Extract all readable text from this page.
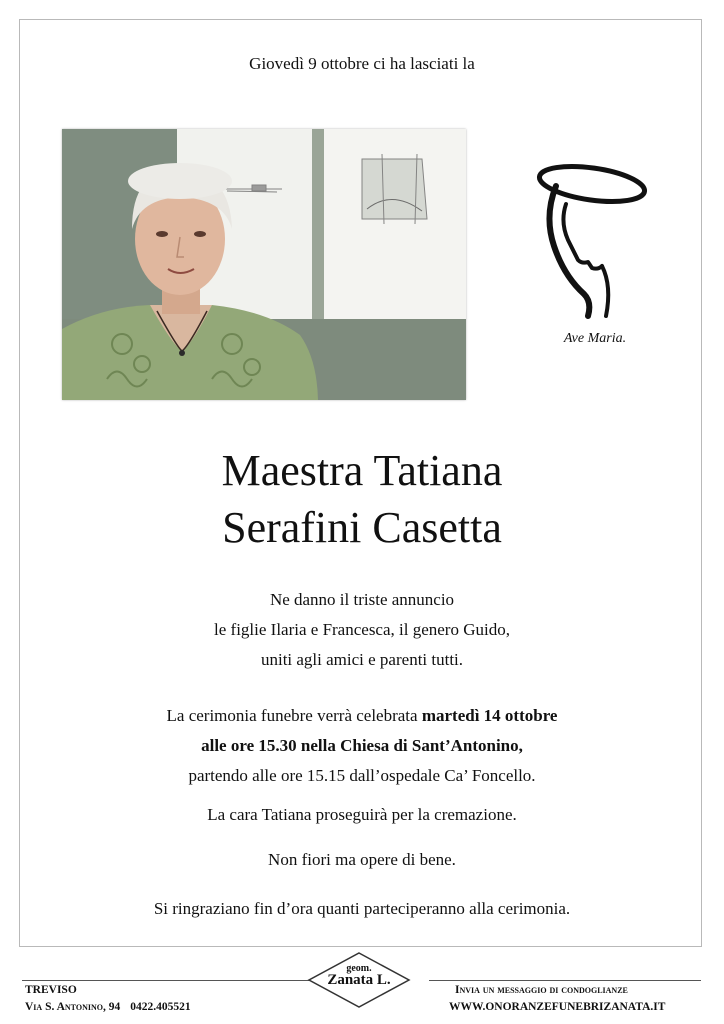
Giovedì 9 ottobre ci ha lasciati la
Ave Maria.
Maestra Tatiana
Serafini Casetta
Ne danno il triste annuncio
le figlie Ilaria e Francesca, il genero Guido,
uniti agli amici e parenti tutti.
La cerimonia funebre verrà celebrata martedì 14 ottobre
alle ore 15.30 nella Chiesa di Sant’Antonino,
partendo alle ore 15.15 dall’ospedale Ca’ Foncello.
La cara Tatiana proseguirà per la cremazione.
Non fiori ma opere di bene.
Si ringraziano fin d’ora quanti parteciperanno alla cerimonia.
geom.
Zanata L.
TREVISO
Via S. Antonino, 94 0422.405521
Invia un messaggio di condoglianze
WWW.ONORANZEFUNEBRIZANATA.IT
